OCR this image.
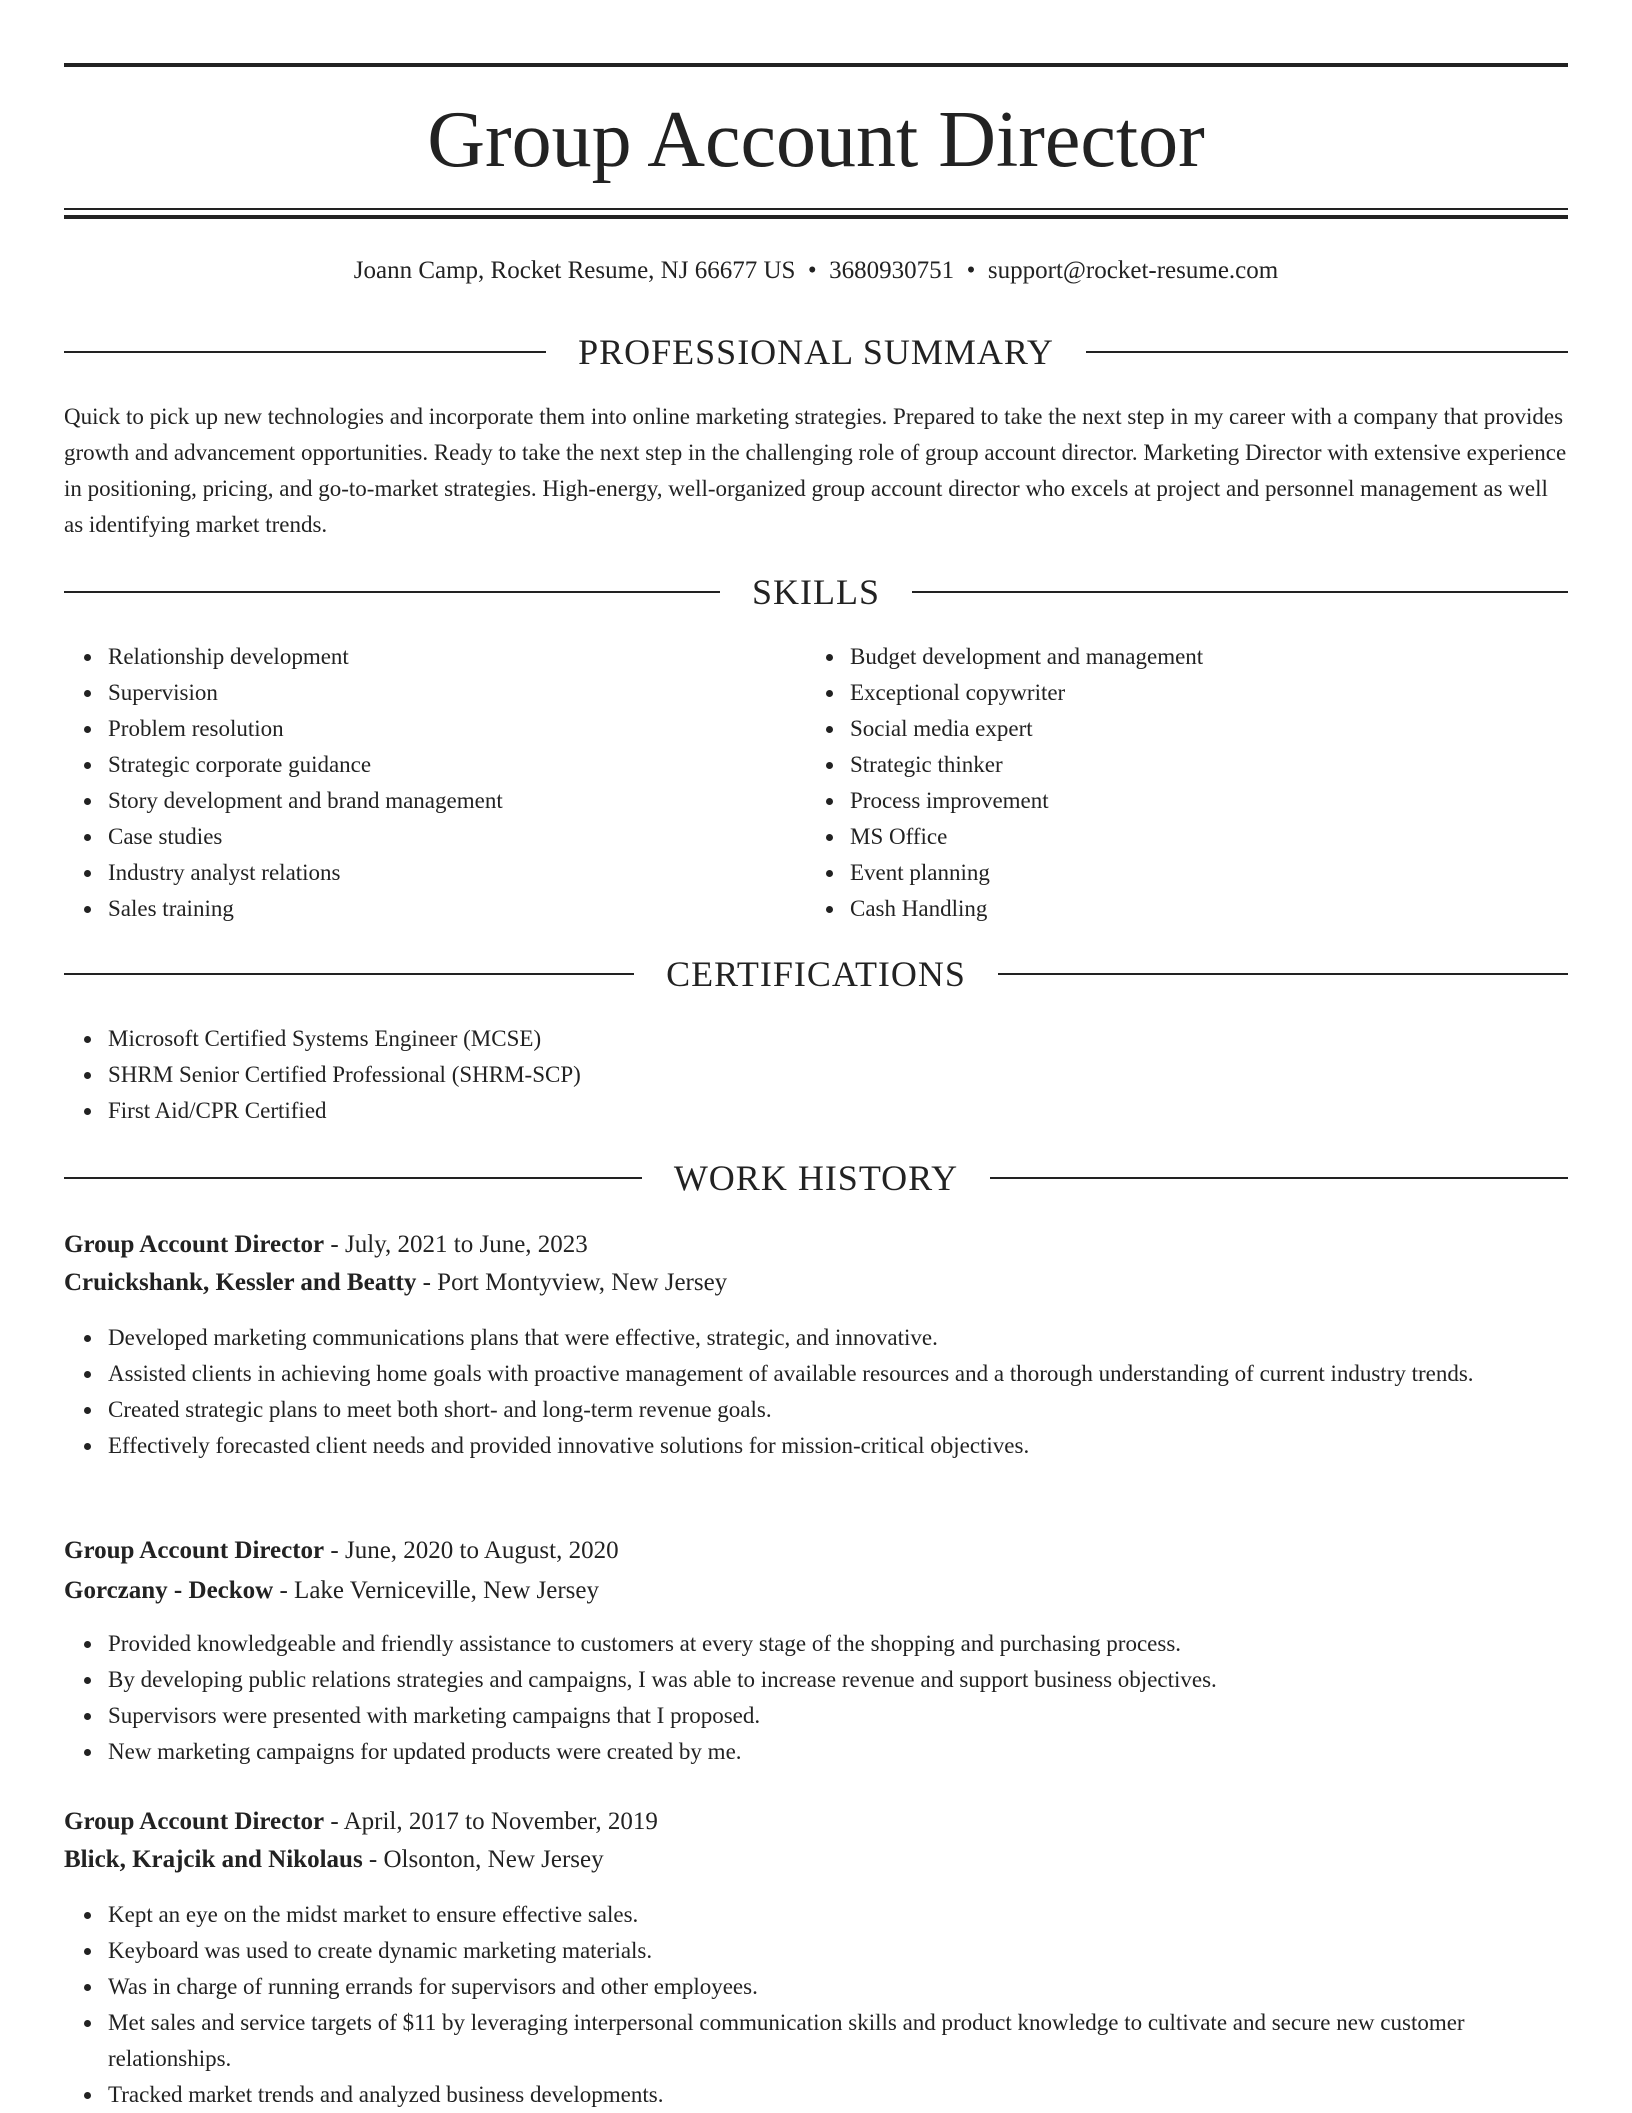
Group Account Director
Joann Camp, Rocket Resume, NJ 66677 US  •  3680930751  •  support@rocket-resume.com
PROFESSIONAL SUMMARY

Quick to pick up new technologies and incorporate them into online marketing strategies. Prepared to take the next step in my career with a company that provides growth and advancement opportunities. Ready to take the next step in the challenging role of group account director. Marketing Director with extensive experience in positioning, pricing, and go-to-market strategies. High-energy, well-organized group account director who excels at project and personnel management as well as identifying market trends.

SKILLS
Relationship development
Supervision
Problem resolution
Strategic corporate guidance
Story development and brand management
Case studies
Industry analyst relations
Sales training
Budget development and management
Exceptional copywriter
Social media expert
Strategic thinker
Process improvement
MS Office
Event planning
Cash Handling
CERTIFICATIONS
Microsoft Certified Systems Engineer (MCSE)
SHRM Senior Certified Professional (SHRM-SCP)
First Aid/CPR Certified
WORK HISTORY
Group Account Director - July, 2021 to June, 2023
Cruickshank, Kessler and Beatty - Port Montyview, New Jersey
Developed marketing communications plans that were effective, strategic, and innovative.
Assisted clients in achieving home goals with proactive management of available resources and a thorough understanding of current industry trends.
Created strategic plans to meet both short- and long-term revenue goals.
Effectively forecasted client needs and provided innovative solutions for mission-critical objectives.
Group Account Director - June, 2020 to August, 2020
Gorczany - Deckow - Lake Verniceville, New Jersey
Provided knowledgeable and friendly assistance to customers at every stage of the shopping and purchasing process.
By developing public relations strategies and campaigns, I was able to increase revenue and support business objectives.
Supervisors were presented with marketing campaigns that I proposed.
New marketing campaigns for updated products were created by me.
Group Account Director - April, 2017 to November, 2019
Blick, Krajcik and Nikolaus - Olsonton, New Jersey
Kept an eye on the midst market to ensure effective sales.
Keyboard was used to create dynamic marketing materials.
Was in charge of running errands for supervisors and other employees.
Met sales and service targets of $11 by leveraging interpersonal communication skills and product knowledge to cultivate and secure new customer relationships.
Tracked market trends and analyzed business developments.
